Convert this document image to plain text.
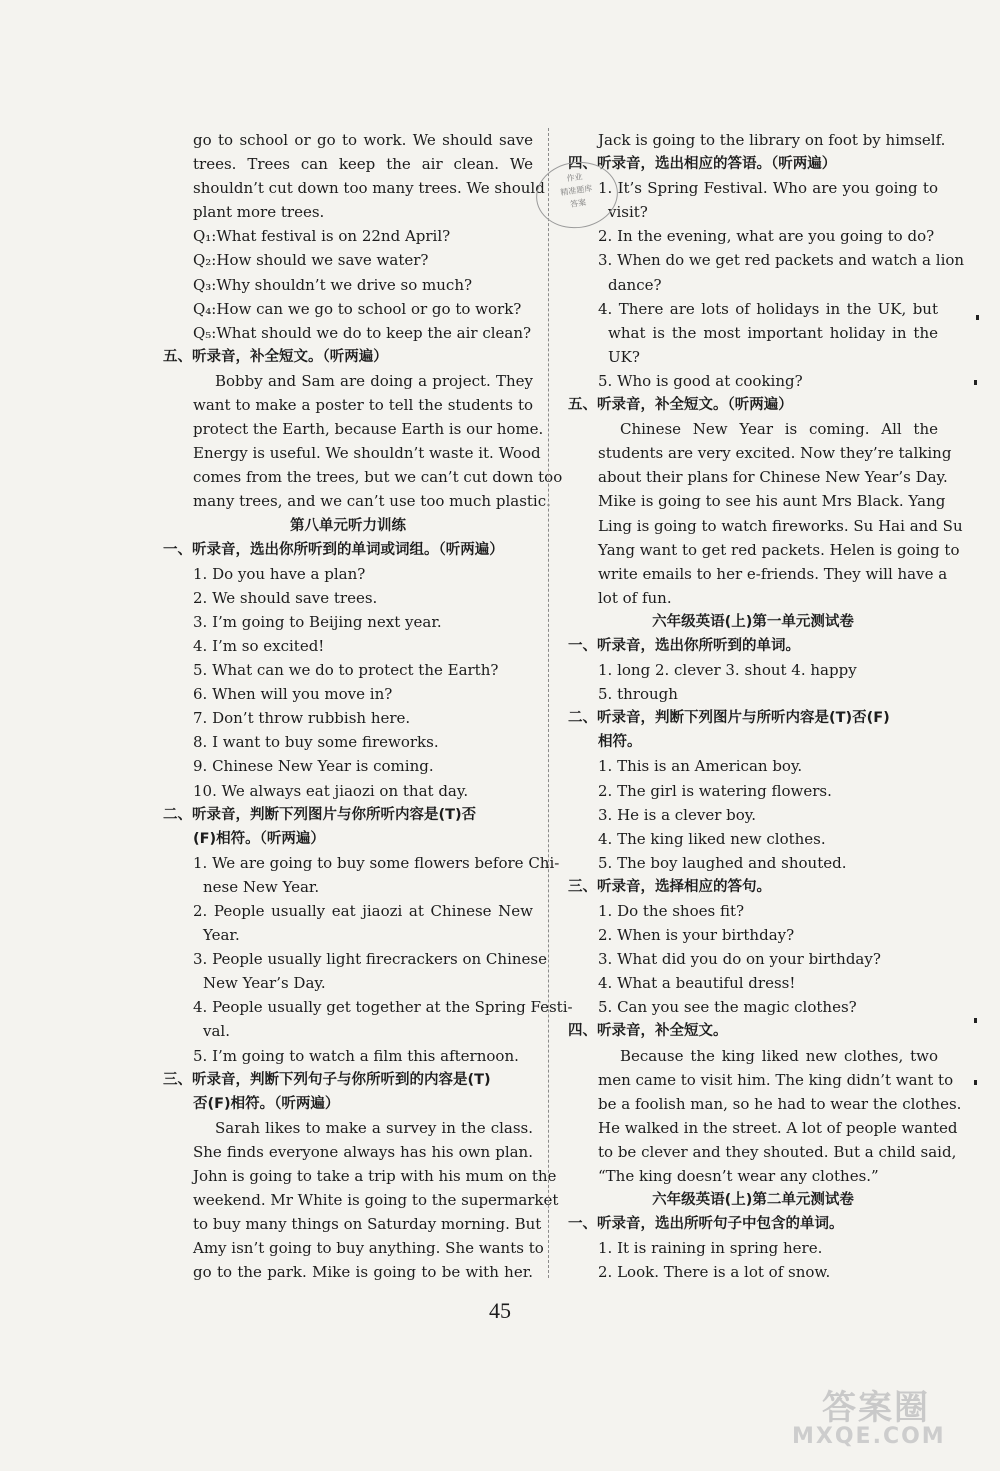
go to school or go to work. We should save
trees. Trees can keep the air clean. We
shouldn’t cut down too many trees. We should
plant more trees.
Q₁:What festival is on 22nd April?
Q₂:How should we save water?
Q₃:Why shouldn’t we drive so much?
Q₄:How can we go to school or go to work?
Q₅:What should we do to keep the air clean?
五、听录音，补全短文。（听两遍）
Bobby and Sam are doing a project. They
want to make a poster to tell the students to
protect the Earth, because Earth is our home.
Energy is useful. We shouldn’t waste it. Wood
comes from the trees, but we can’t cut down too
many trees, and we can’t use too much plastic.
第八单元听力训练
一、听录音，选出你所听到的单词或词组。（听两遍）
1. Do you have a plan?
2. We should save trees.
3. I’m going to Beijing next year.
4. I’m so excited!
5. What can we do to protect the Earth?
6. When will you move in?
7. Don’t throw rubbish here.
8. I want to buy some fireworks.
9. Chinese New Year is coming.
10. We always eat jiaozi on that day.
二、听录音，判断下列图片与你所听内容是(T)否
(F)相符。（听两遍）
1. We are going to buy some flowers before Chi-
nese New Year.
2. People usually eat jiaozi at Chinese New
Year.
3. People usually light firecrackers on Chinese
New Year’s Day.
4. People usually get together at the Spring Festi-
val.
5. I’m going to watch a film this afternoon.
三、听录音，判断下列句子与你所听到的内容是(T)
否(F)相符。（听两遍）
Sarah likes to make a survey in the class.
She finds everyone always has his own plan.
John is going to take a trip with his mum on the
weekend. Mr White is going to the supermarket
to buy many things on Saturday morning. But
Amy isn’t going to buy anything. She wants to
go to the park. Mike is going to be with her.
Jack is going to the library on foot by himself.
四、听录音，选出相应的答语。（听两遍）
1. It’s Spring Festival. Who are you going to
visit?
2. In the evening, what are you going to do?
3. When do we get red packets and watch a lion
dance?
4. There are lots of holidays in the UK, but
what is the most important holiday in the
UK?
5. Who is good at cooking?
五、听录音，补全短文。（听两遍）
Chinese New Year is coming. All the
students are very excited. Now they’re talking
about their plans for Chinese New Year’s Day.
Mike is going to see his aunt Mrs Black. Yang
Ling is going to watch fireworks. Su Hai and Su
Yang want to get red packets. Helen is going to
write emails to her e-friends. They will have a
lot of fun.
六年级英语(上)第一单元测试卷
一、听录音，选出你所听到的单词。
1. long 2. clever 3. shout 4. happy
5. through
二、听录音，判断下列图片与所听内容是(T)否(F)
相符。
1. This is an American boy.
2. The girl is watering flowers.
3. He is a clever boy.
4. The king liked new clothes.
5. The boy laughed and shouted.
三、听录音，选择相应的答句。
1. Do the shoes fit?
2. When is your birthday?
3. What did you do on your birthday?
4. What a beautiful dress!
5. Can you see the magic clothes?
四、听录音，补全短文。
Because the king liked new clothes, two
men came to visit him. The king didn’t want to
be a foolish man, so he had to wear the clothes.
He walked in the street. A lot of people wanted
to be clever and they shouted. But a child said,
“The king doesn’t wear any clothes.”
六年级英语(上)第二单元测试卷
一、听录音，选出所听句子中包含的单词。
1. It is raining in spring here.
2. Look. There is a lot of snow.
作业
精准题库
答案
45
答案圈
MXQE.COM
